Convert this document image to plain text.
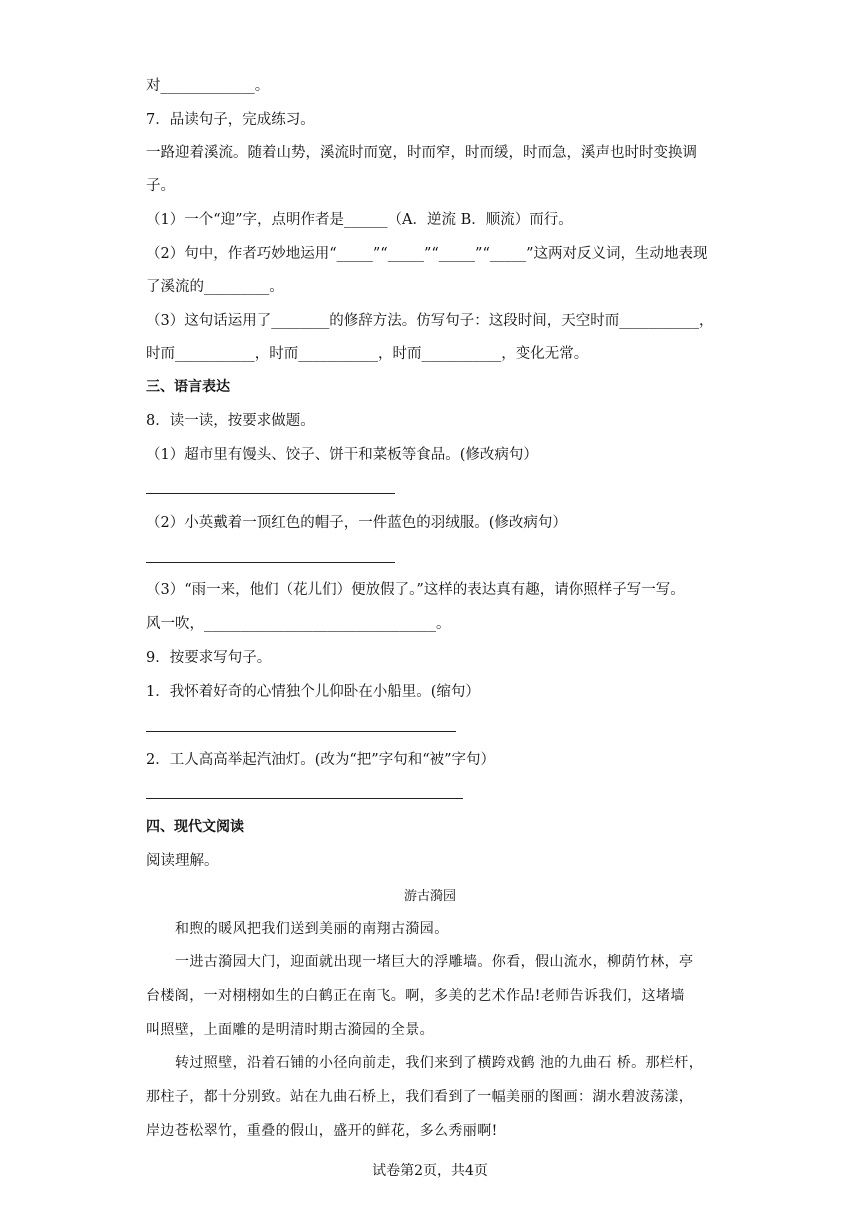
对_____________。
7．品读句子，完成练习。
一路迎着溪流。随着山势，溪流时而宽，时而窄，时而缓，时而急，溪声也时时变换调
子。
（1）一个“迎”字，点明作者是______（A．逆流 B．顺流）而行。
（2）句中，作者巧妙地运用“_____”“_____”“_____”“_____”这两对反义词，生动地表现
了溪流的_________。
（3）这句话运用了________的修辞方法。仿写句子：这段时间，天空时而___________，
时而___________，时而___________，时而___________，变化无常。
三、语言表达
8．读一读，按要求做题。
（1）超市里有馒头、饺子、饼干和菜板等食品。(修改病句）
（2）小英戴着一顶红色的帽子，一件蓝色的羽绒服。(修改病句）
（3）“雨一来，他们（花儿们）便放假了。”这样的表达真有趣，请你照样子写一写。
风一吹，________________________________。
9．按要求写句子。
1．我怀着好奇的心情独个儿仰卧在小船里。(缩句）
2．工人高高举起汽油灯。(改为“把”字句和“被”字句）
四、现代文阅读
阅读理解。
游古漪园
和煦的暖风把我们送到美丽的南翔古漪园。
一进古漪园大门，迎面就出现一堵巨大的浮雕墙。你看，假山流水，柳荫竹林，亭
台楼阁，一对栩栩如生的白鹤正在南飞。啊，多美的艺术作品!老师告诉我们，这堵墙
叫照壁，上面雕的是明清时期古漪园的全景。
转过照壁，沿着石铺的小径向前走，我们来到了横跨戏鹤 池的九曲石 桥。那栏杆，
那柱子，都十分别致。站在九曲石桥上，我们看到了一幅美丽的图画：湖水碧波荡漾，
岸边苍松翠竹，重叠的假山，盛开的鲜花，多么秀丽啊!
试卷第2页，共4页
